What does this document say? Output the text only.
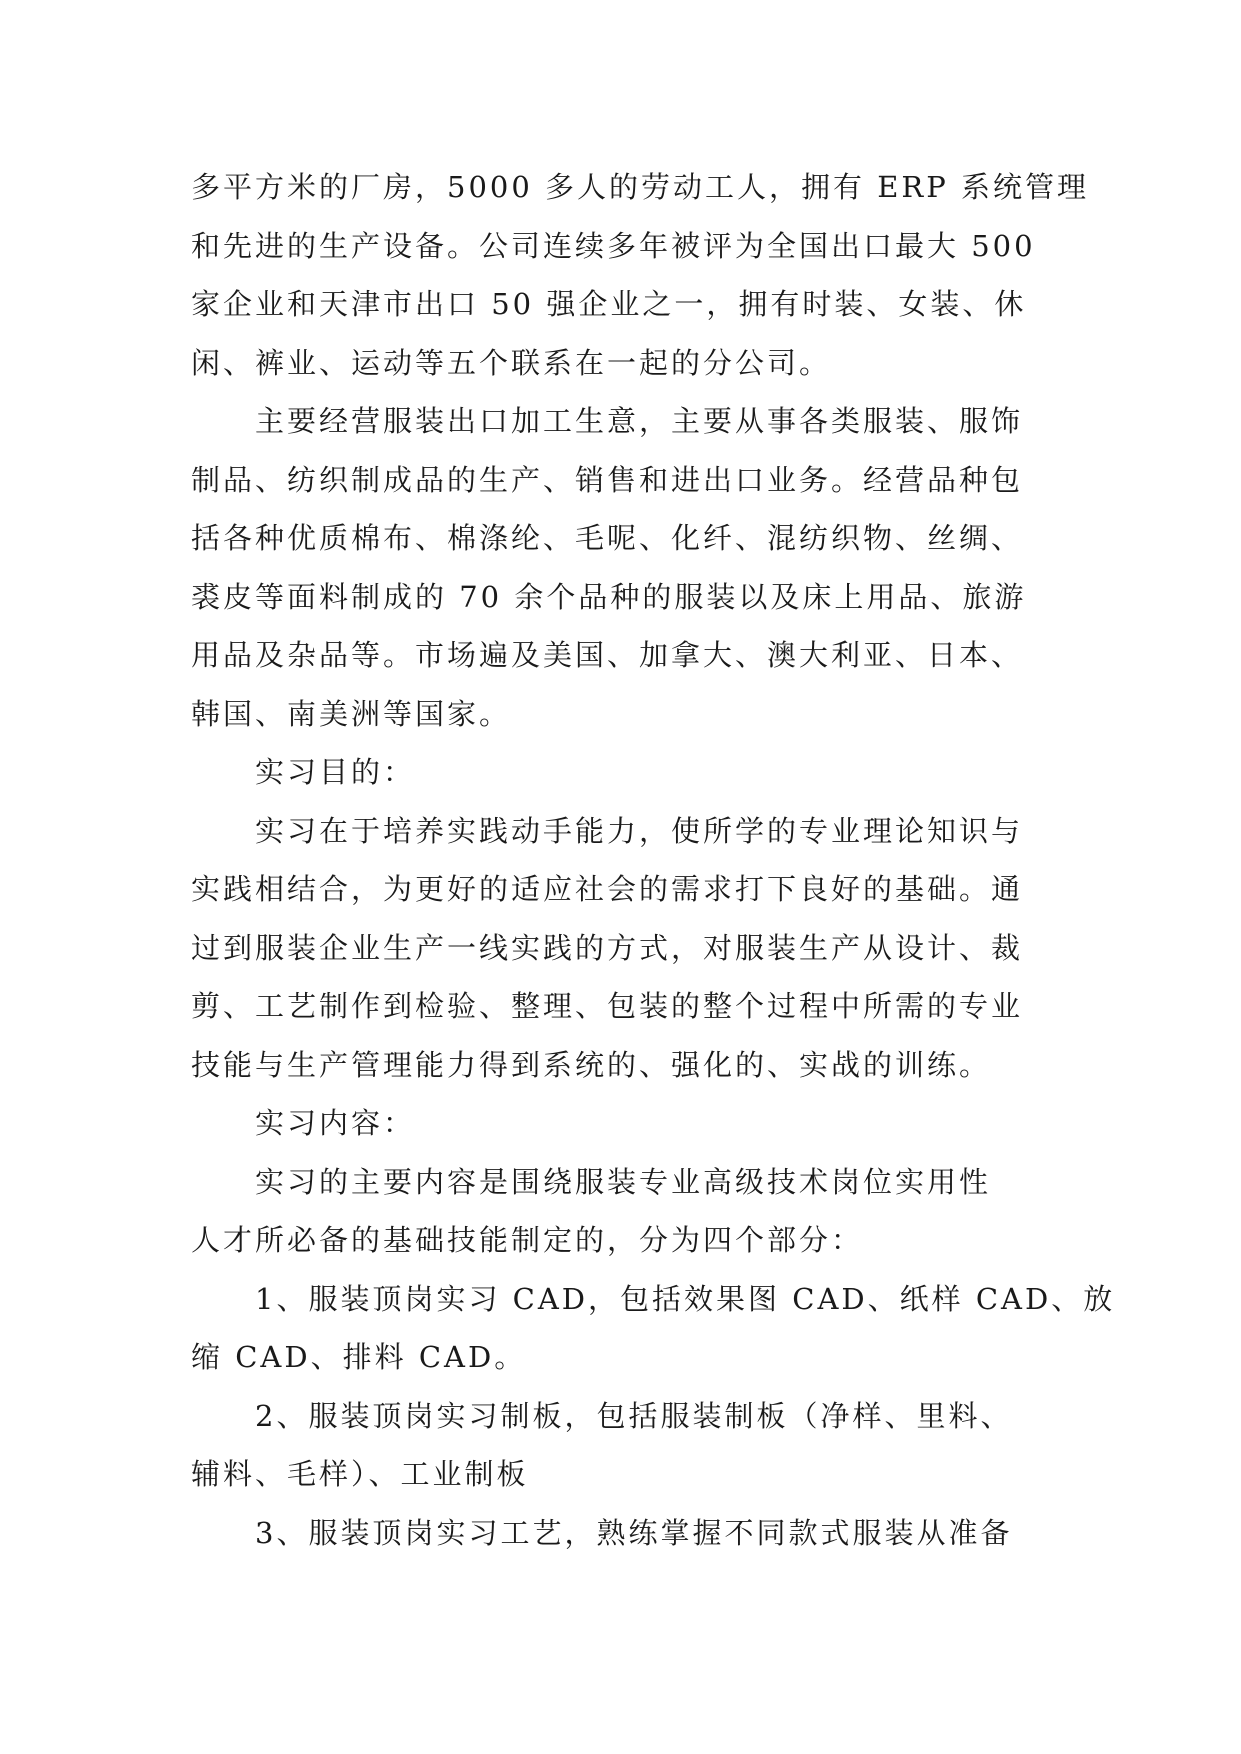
多平方米的厂房，5000 多人的劳动工人，拥有 ERP 系统管理
和先进的生产设备。公司连续多年被评为全国出口最大 500
家企业和天津市出口 50 强企业之一，拥有时装、女装、休
闲、裤业、运动等五个联系在一起的分公司。
主要经营服装出口加工生意，主要从事各类服装、服饰
制品、纺织制成品的生产、销售和进出口业务。经营品种包
括各种优质棉布、棉涤纶、毛呢、化纤、混纺织物、丝绸、
裘皮等面料制成的 70 余个品种的服装以及床上用品、旅游
用品及杂品等。市场遍及美国、加拿大、澳大利亚、日本、
韩国、南美洲等国家。
实习目的：
实习在于培养实践动手能力，使所学的专业理论知识与
实践相结合，为更好的适应社会的需求打下良好的基础。通
过到服装企业生产一线实践的方式，对服装生产从设计、裁
剪、工艺制作到检验、整理、包装的整个过程中所需的专业
技能与生产管理能力得到系统的、强化的、实战的训练。
实习内容：
实习的主要内容是围绕服装专业高级技术岗位实用性
人才所必备的基础技能制定的，分为四个部分：
1、服装顶岗实习 CAD，包括效果图 CAD、纸样 CAD、放
缩 CAD、排料 CAD。
2、服装顶岗实习制板，包括服装制板（净样、里料、
辅料、毛样）、工业制板
3、服装顶岗实习工艺，熟练掌握不同款式服装从准备
